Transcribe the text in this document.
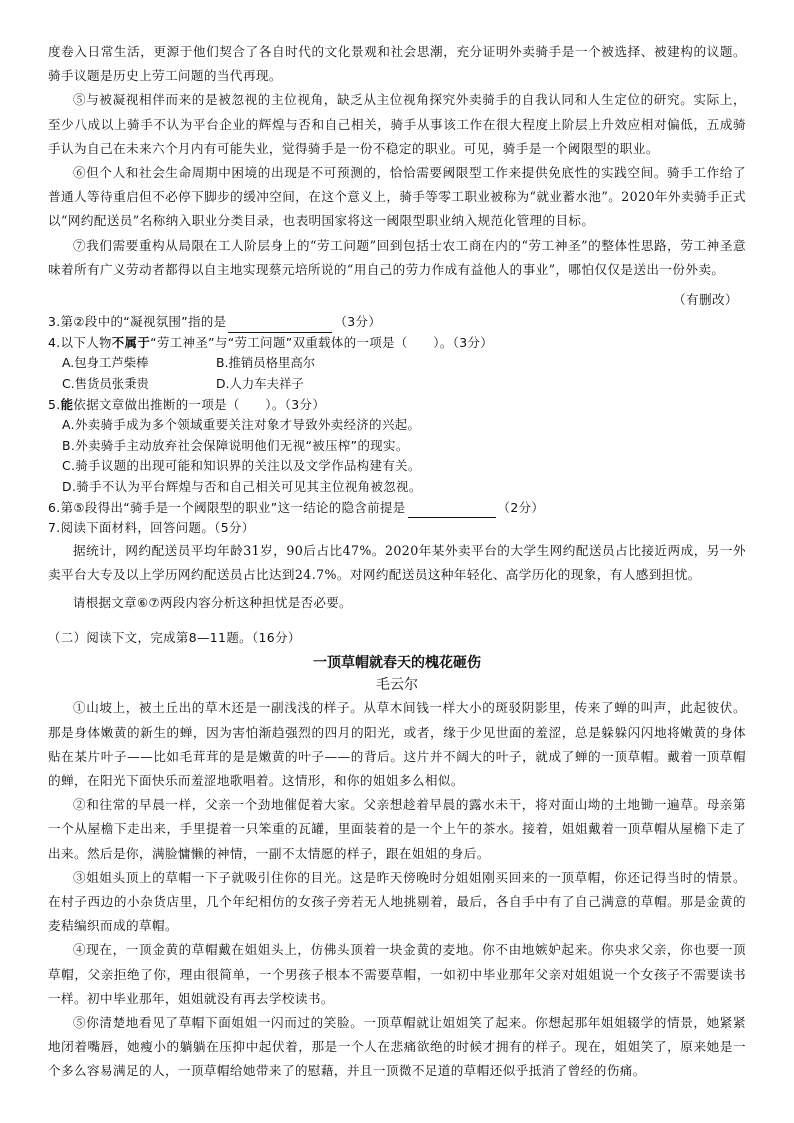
度卷入日常生活，更源于他们契合了各自时代的文化景观和社会思潮，充分证明外卖骑手是一个被选择、被建构的议题。骑手议题是历史上劳工问题的当代再现。

⑤与被凝视相伴而来的是被忽视的主位视角，缺乏从主位视角探究外卖骑手的自我认同和人生定位的研究。实际上，至少八成以上骑手不认为平台企业的辉煌与否和自己相关，骑手从事该工作在很大程度上阶层上升效应相对偏低，五成骑手认为自己在未来六个月内有可能失业，觉得骑手是一份不稳定的职业。可见，骑手是一个阈限型的职业。

⑥但个人和社会生命周期中困境的出现是不可预测的，恰恰需要阈限型工作来提供免底性的实践空间。骑手工作给了普通人等待重启但不必停下脚步的缓冲空间，在这个意义上，骑手等零工职业被称为“就业蓄水池”。2020年外卖骑手正式以“网约配送员”名称纳入职业分类目录，也表明国家将这一阈限型职业纳入规范化管理的目标。

⑦我们需要重构从局限在工人阶层身上的“劳工问题”回到包括士农工商在内的“劳工神圣”的整体性思路，劳工神圣意味着所有广义劳动者都得以自主地实现蔡元培所说的“用自己的劳力作成有益他人的事业”，哪怕仅仅是送出一份外卖。

（有删改）

3.第②段中的“凝视氛围”指的是	（3分）

4.以下人物不属于“劳工神圣”与“劳工问题”双重载体的一项是（　　）。（3分）

A.包身工芦柴棒	B.推销员格里高尔
C.售货员张秉贵	D.人力车夫祥子

5.能依据文章做出推断的一项是（　　）。（3分）

A.外卖骑手成为多个领域重要关注对象才导致外卖经济的兴起。

B.外卖骑手主动放弃社会保障说明他们无视“被压榨”的现实。

C.骑手议题的出现可能和知识界的关注以及文学作品构建有关。

D.骑手不认为平台辉煌与否和自己相关可见其主位视角被忽视。

6.第⑤段得出“骑手是一个阈限型的职业”这一结论的隐含前提是	（2分）

7.阅读下面材料，回答问题。（5分）

据统计，网约配送员平均年龄31岁，90后占比47%。2020年某外卖平台的大学生网约配送员占比接近两成，另一外卖平台大专及以上学历网约配送员占比达到24.7%。对网约配送员这种年轻化、高学历化的现象，有人感到担忧。

请根据文章⑥⑦两段内容分析这种担忧是否必要。

（二）阅读下文，完成第8—11题。（16分）

一顶草帽就春天的槐花砸伤
毛云尔

①山坡上，被土丘出的草木还是一副浅浅的样子。从草木间钱一样大小的斑驳阴影里，传来了蝉的叫声，此起彼伏。那是身体嫩黄的新生的蝉，因为害怕渐趋强烈的四月的阳光，或者，缘于少见世面的羞涩，总是躲躲闪闪地将嫩黄的身体贴在某片叶子——比如毛茸茸的是是嫩黄的叶子——的背后。这片并不阔大的叶子，就成了蝉的一顶草帽。戴着一顶草帽的蝉，在阳光下面快乐而羞涩地歌唱着。这情形，和你的姐姐多么相似。

②和往常的早晨一样，父亲一个劲地催促着大家。父亲想趁着早晨的露水未干，将对面山坳的土地锄一遍草。母亲第一个从屋檐下走出来，手里提着一只笨重的瓦罐，里面装着的是一个上午的茶水。接着，姐姐戴着一顶草帽从屋檐下走了出来。然后是你，满脸慵懒的神情，一副不太情愿的样子，跟在姐姐的身后。

③姐姐头顶上的草帽一下子就吸引住你的目光。这是昨天傍晚时分姐姐刚买回来的一顶草帽，你还记得当时的情景。在村子西边的小杂货店里，几个年纪相仿的女孩子旁若无人地挑剔着，最后，各自手中有了自己满意的草帽。那是金黄的麦秸编织而成的草帽。

④现在，一顶金黄的草帽戴在姐姐头上，仿佛头顶着一块金黄的麦地。你不由地嫉妒起来。你央求父亲，你也要一顶草帽，父亲拒绝了你，理由很简单，一个男孩子根本不需要草帽，一如初中毕业那年父亲对姐姐说一个女孩子不需要读书一样。初中毕业那年，姐姐就没有再去学校读书。

⑤你清楚地看见了草帽下面姐姐一闪而过的笑脸。一顶草帽就让姐姐笑了起来。你想起那年姐姐辍学的情景，她紧紧地闭着嘴唇，她瘦小的躺躺在压抑中起伏着，那是一个人在悲痛欲绝的时候才拥有的样子。现在，姐姐笑了，原来她是一个多么容易满足的人，一顶草帽给她带来了的慰藉，并且一顶微不足道的草帽还似乎抵消了曾经的伤痛。
